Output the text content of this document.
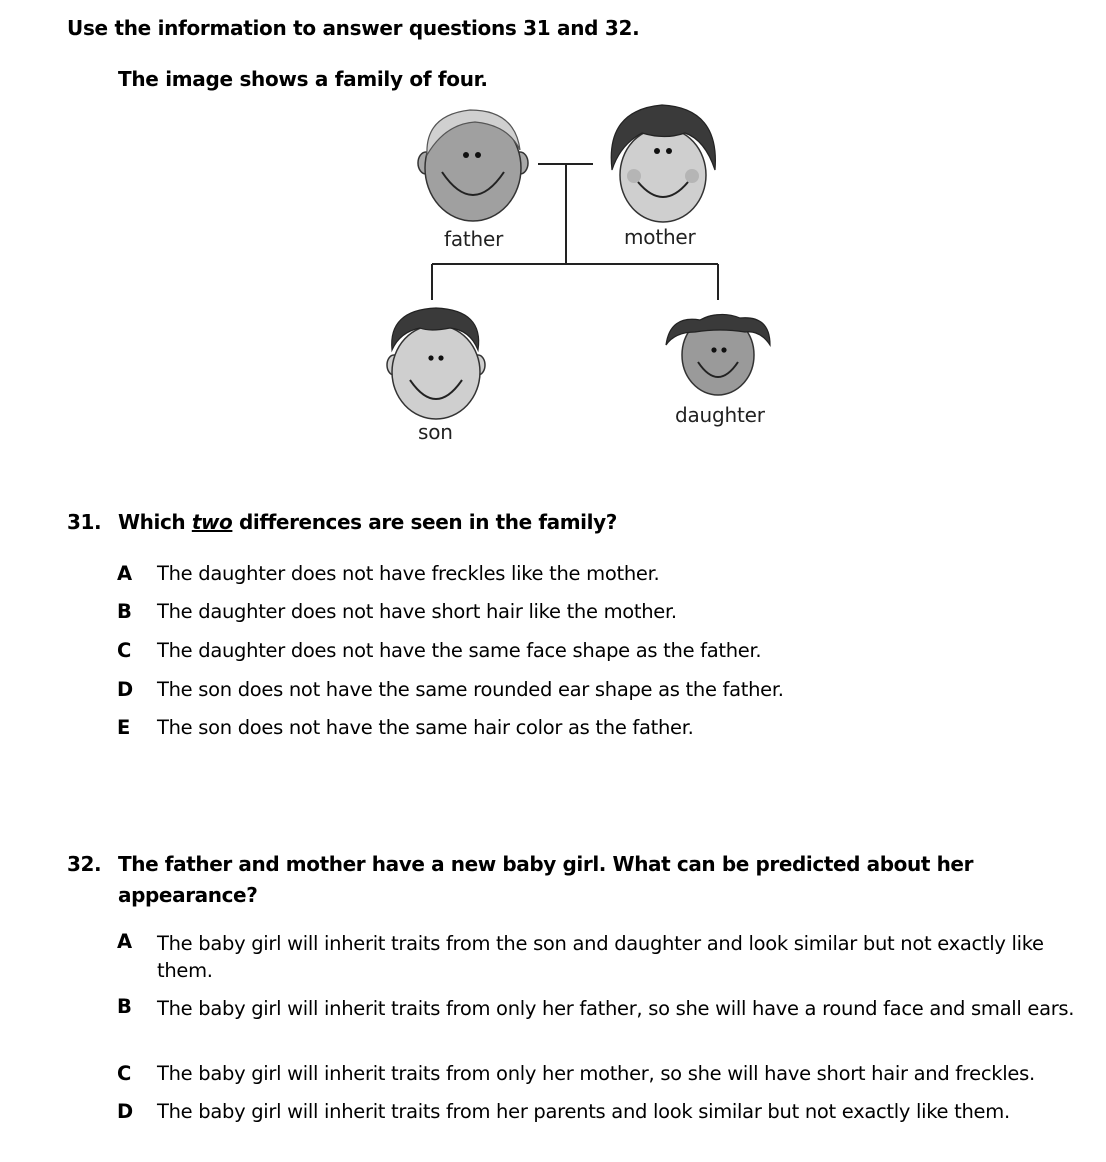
Use the information to answer questions 31 and 32.
The image shows a family of four.
father	mother
son
daughter
31. Which two differences are seen in the family?
A The daughter does not have freckles like the mother.
B The daughter does not have short hair like the mother.
C The daughter does not have the same face shape as the father.
D The son does not have the same rounded ear shape as the father.
E The son does not have the same hair color as the father.
32. The father and mother have a new baby girl. What can be predicted about her appearance?
A The baby girl will inherit traits from the son and daughter and look similar but not exactly like them.
B The baby girl will inherit traits from only her father, so she will have a round face and small ears.
C The baby girl will inherit traits from only her mother, so she will have short hair and freckles.
D The baby girl will inherit traits from her parents and look similar but not exactly like them.
